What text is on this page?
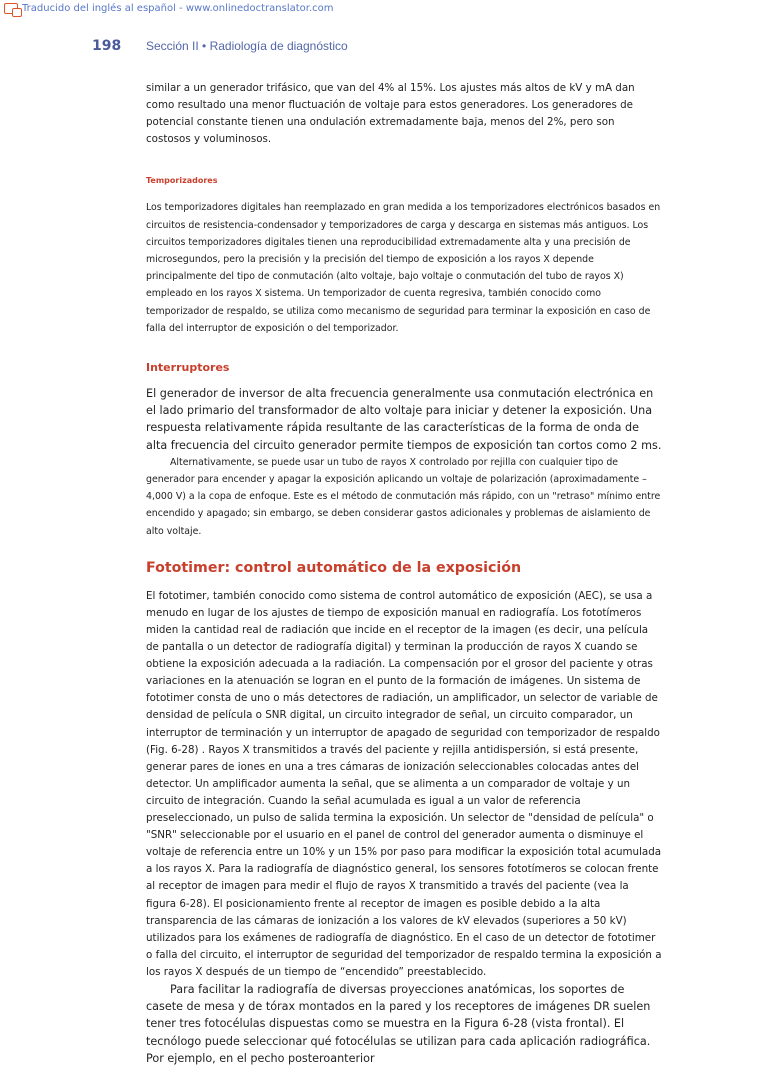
Traducido del inglés al español - www.onlinedoctranslator.com
198 Sección II • Radiología de diagnóstico

similar a un generador trifásico, que van del 4% al 15%. Los ajustes más altos de kV y mA dan como resultado una menor fluctuación de voltaje para estos generadores. Los generadores de potencial constante tienen una ondulación extremadamente baja, menos del 2%, pero son costosos y voluminosos.

Temporizadores

Los temporizadores digitales han reemplazado en gran medida a los temporizadores electrónicos basados en circuitos de resistencia-condensador y temporizadores de carga y descarga en sistemas más antiguos. Los circuitos temporizadores digitales tienen una reproducibilidad extremadamente alta y una precisión de microsegundos, pero la precisión y la precisión del tiempo de exposición a los rayos X depende principalmente del tipo de conmutación (alto voltaje, bajo voltaje o conmutación del tubo de rayos X) empleado en los rayos X sistema. Un temporizador de cuenta regresiva, también conocido como temporizador de respaldo, se utiliza como mecanismo de seguridad para terminar la exposición en caso de falla del interruptor de exposición o del temporizador.

Interruptores

El generador de inversor de alta frecuencia generalmente usa conmutación electrónica en el lado primario del transformador de alto voltaje para iniciar y detener la exposición. Una respuesta relativamente rápida resultante de las características de la forma de onda de alta frecuencia del circuito generador permite tiempos de exposición tan cortos como 2 ms.

Alternativamente, se puede usar un tubo de rayos X controlado por rejilla con cualquier tipo de generador para encender y apagar la exposición aplicando un voltaje de polarización (aproximadamente – 4,000 V) a la copa de enfoque. Este es el método de conmutación más rápido, con un "retraso" mínimo entre encendido y apagado; sin embargo, se deben considerar gastos adicionales y problemas de aislamiento de alto voltaje.

Fototimer: control automático de la exposición

El fototimer, también conocido como sistema de control automático de exposición (AEC), se usa a menudo en lugar de los ajustes de tiempo de exposición manual en radiografía. Los fototímeros miden la cantidad real de radiación que incide en el receptor de la imagen (es decir, una película de pantalla o un detector de radiografía digital) y terminan la producción de rayos X cuando se obtiene la exposición adecuada a la radiación. La compensación por el grosor del paciente y otras variaciones en la atenuación se logran en el punto de la formación de imágenes. Un sistema de fototimer consta de uno o más detectores de radiación, un amplificador, un selector de variable de densidad de película o SNR digital, un circuito integrador de señal, un circuito comparador, un interruptor de terminación y un interruptor de apagado de seguridad con temporizador de respaldo (Fig. 6-28) . Rayos X transmitidos a través del paciente y rejilla antidispersión, si está presente, generar pares de iones en una a tres cámaras de ionización seleccionables colocadas antes del detector. Un amplificador aumenta la señal, que se alimenta a un comparador de voltaje y un circuito de integración. Cuando la señal acumulada es igual a un valor de referencia preseleccionado, un pulso de salida termina la exposición. Un selector de "densidad de película" o "SNR" seleccionable por el usuario en el panel de control del generador aumenta o disminuye el voltaje de referencia entre un 10% y un 15% por paso para modificar la exposición total acumulada a los rayos X. Para la radiografía de diagnóstico general, los sensores fototímeros se colocan frente al receptor de imagen para medir el flujo de rayos X transmitido a través del paciente (vea la figura 6-28). El posicionamiento frente al receptor de imagen es posible debido a la alta transparencia de las cámaras de ionización a los valores de kV elevados (superiores a 50 kV) utilizados para los exámenes de radiografía de diagnóstico. En el caso de un detector de fototimer o falla del circuito, el interruptor de seguridad del temporizador de respaldo termina la exposición a los rayos X después de un tiempo de “encendido” preestablecido.

Para facilitar la radiografía de diversas proyecciones anatómicas, los soportes de casete de mesa y de tórax montados en la pared y los receptores de imágenes DR suelen tener tres fotocélulas dispuestas como se muestra en la Figura 6-28 (vista frontal). El tecnólogo puede seleccionar qué fotocélulas se utilizan para cada aplicación radiográfica. Por ejemplo, en el pecho posteroanterior
